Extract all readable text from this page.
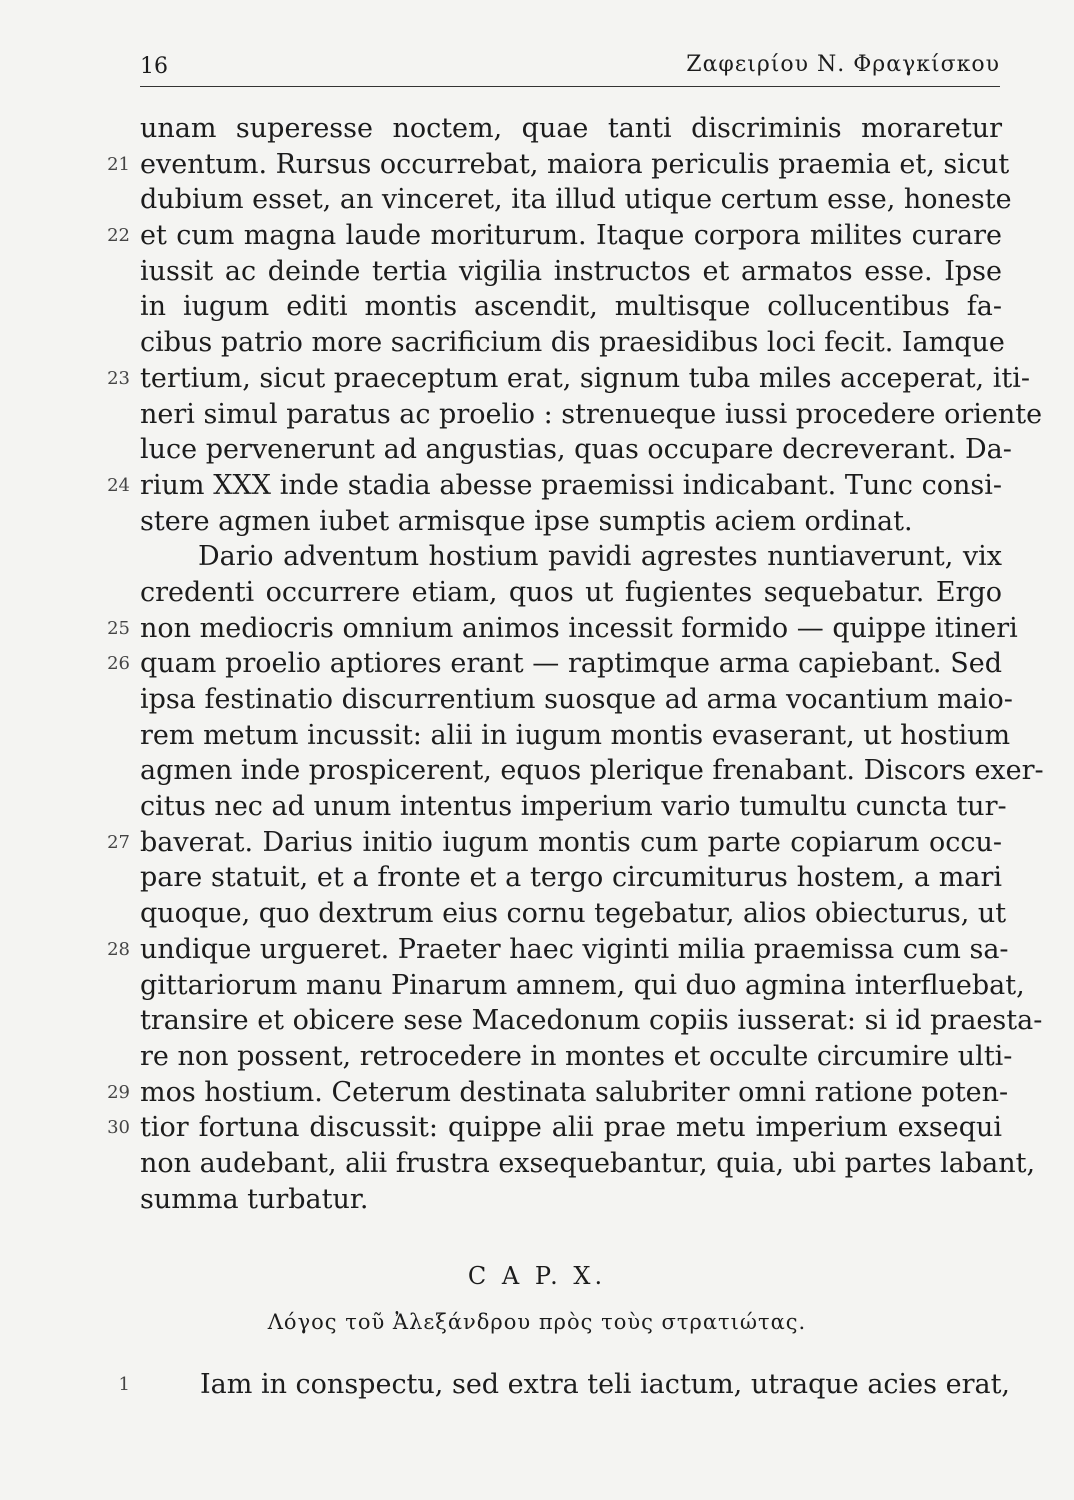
16	Ζαφειρίου Ν. Φραγκίσκου
unam superesse noctem, quae tanti discriminis moraretur
21 eventum. Rursus occurrebat, maiora periculis praemia et, sicut
dubium esset, an vinceret, ita illud utique certum esse, honeste
22 et cum magna laude moriturum. Itaque corpora milites curare
iussit ac deinde tertia vigilia instructos et armatos esse. Ipse
in iugum editi montis ascendit, multisque collucentibus fa-
cibus patrio more sacrificium dis praesidibus loci fecit. Iamque
23 tertium, sicut praeceptum erat, signum tuba miles acceperat, iti-
neri simul paratus ac proelio : strenueque iussi procedere oriente
luce pervenerunt ad angustias, quas occupare decreverant. Da-
24 rium XXX inde stadia abesse praemissi indicabant. Tunc consi-
stere agmen iubet armisque ipse sumptis aciem ordinat.
Dario adventum hostium pavidi agrestes nuntiaverunt, vix
credenti occurrere etiam, quos ut fugientes sequebatur. Ergo
25 non mediocris omnium animos incessit formido — quippe itineri
26 quam proelio aptiores erant — raptimque arma capiebant. Sed
ipsa festinatio discurrentium suosque ad arma vocantium maio-
rem metum incussit: alii in iugum montis evaserant, ut hostium
agmen inde prospicerent, equos plerique frenabant. Discors exer-
citus nec ad unum intentus imperium vario tumultu cuncta tur-
27 baverat. Darius initio iugum montis cum parte copiarum occu-
pare statuit, et a fronte et a tergo circumiturus hostem, a mari
quoque, quo dextrum eius cornu tegebatur, alios obiecturus, ut
28 undique urgueret. Praeter haec viginti milia praemissa cum sa-
gittariorum manu Pinarum amnem, qui duo agmina interfluebat,
transire et obicere sese Macedonum copiis iusserat: si id praesta-
re non possent, retrocedere in montes et occulte circumire ulti-
29 mos hostium. Ceterum destinata salubriter omni ratione poten-
30 tior fortuna discussit: quippe alii prae metu imperium exsequi
non audebant, alii frustra exsequebantur, quia, ubi partes labant,
summa turbatur.
C A P. X.
Λόγος τοῦ Ἀλεξάνδρου πρὸς τοὺς στρατιώτας.
1	Iam in conspectu, sed extra teli iactum, utraque acies erat,
